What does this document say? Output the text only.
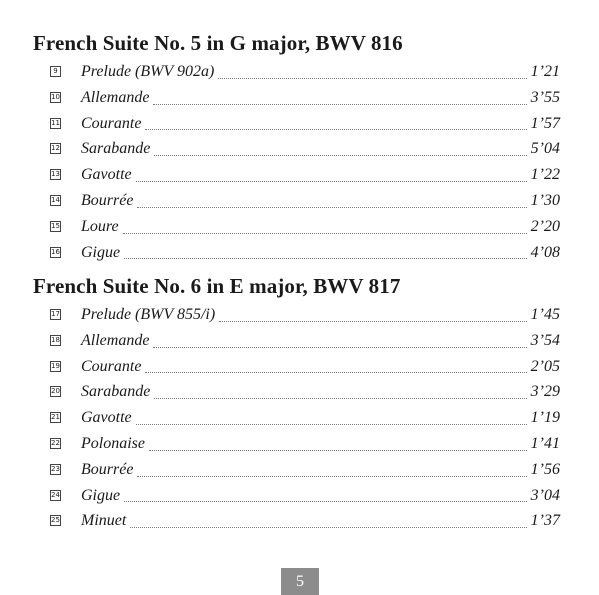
French Suite No. 5 in G major, BWV 816
9 Prelude (BWV 902a)	1’21
10 Allemande	3’55
11 Courante	1’57
12 Sarabande	5’04
13 Gavotte	1’22
14 Bourrée	1’30
15 Loure	2’20
16 Gigue	4’08
French Suite No. 6 in E major, BWV 817
17 Prelude (BWV 855/i)	1’45
18 Allemande	3’54
19 Courante	2’05
20 Sarabande	3’29
21 Gavotte	1’19
22 Polonaise	1’41
23 Bourrée	1’56
24 Gigue	3’04
25 Minuet	1’37
5
